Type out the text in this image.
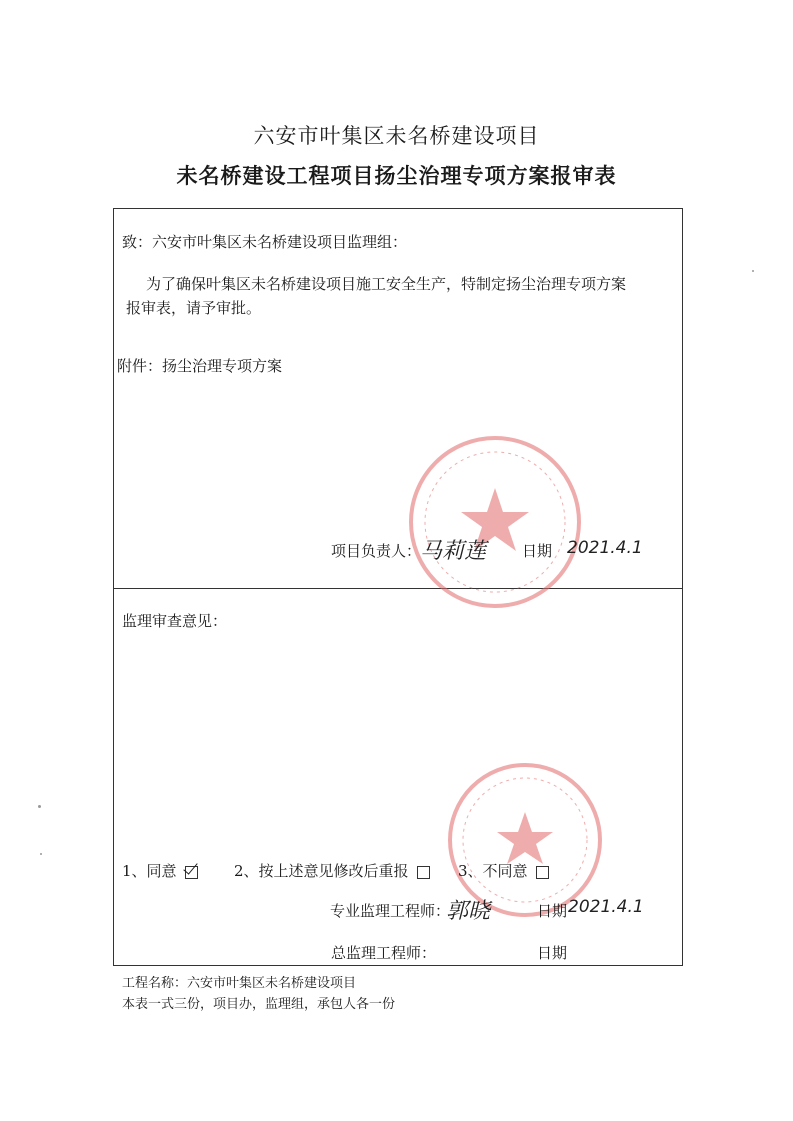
六安市叶集区未名桥建设项目
未名桥建设工程项目扬尘治理专项方案报审表
致：六安市叶集区未名桥建设项目监理组：
为了确保叶集区未名桥建设项目施工安全生产，特制定扬尘治理专项方案
报审表，请予审批。
附件：扬尘治理专项方案
项目负责人：
马莉莲 日期 2021.4.1
监理审查意见：
1、同意	2、按上述意见修改后重报	3、不同意
专业监理工程师：
郭晓	日期 2021.4.1
总监理工程师：	日期
工程名称：六安市叶集区未名桥建设项目
本表一式三份，项目办，监理组，承包人各一份
